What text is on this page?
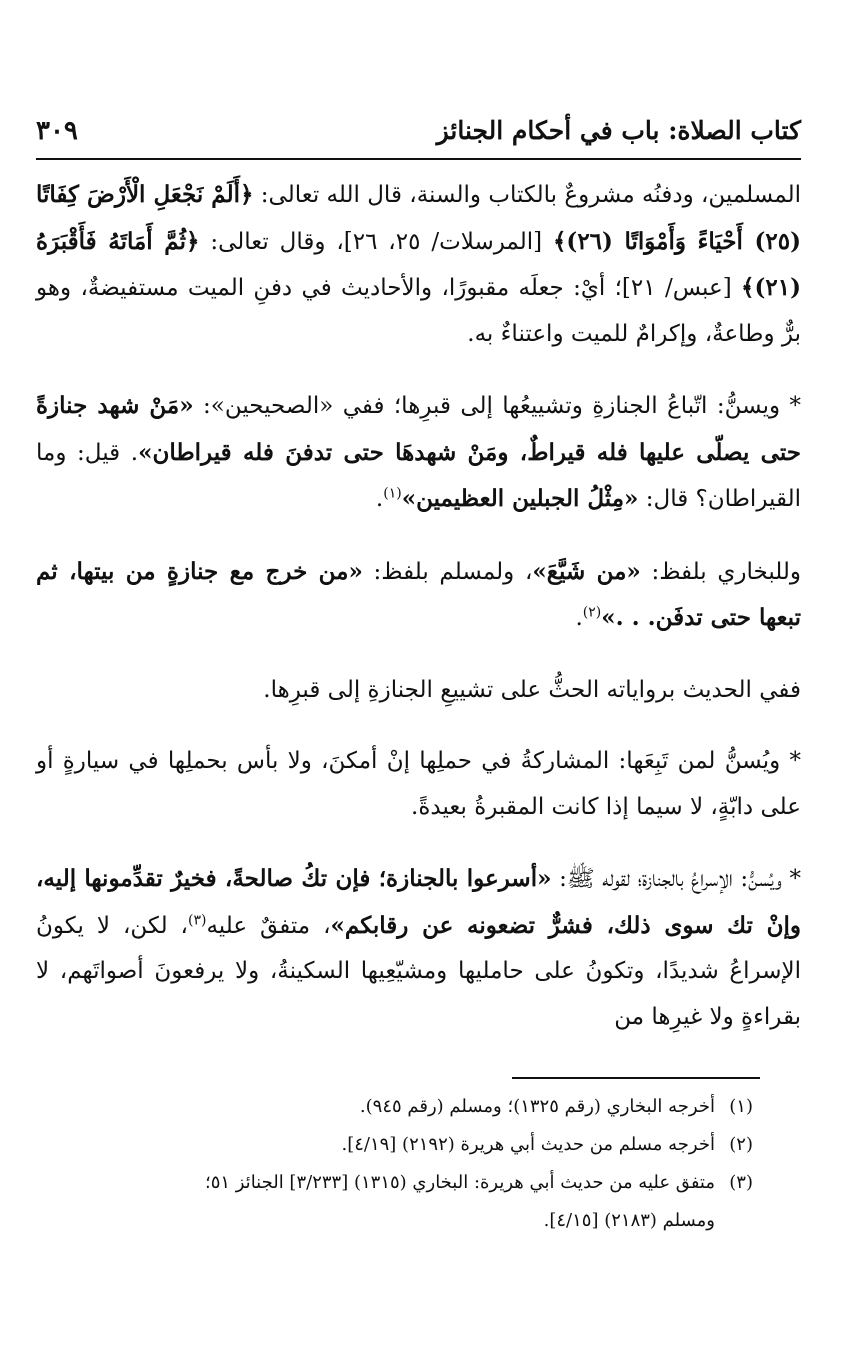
كتاب الصلاة: باب في أحكام الجنائز
٣٠٩

المسلمين، ودفنُه مشروعٌ بالكتاب والسنة، قال الله تعالى: ﴿أَلَمْ نَجْعَلِ الْأَرْضَ كِفَاتًا (٢٥) أَحْيَاءً وَأَمْوَاتًا (٢٦)﴾ [المرسلات/ ٢٥، ٢٦]، وقال تعالى: ﴿ثُمَّ أَمَاتَهُ فَأَقْبَرَهُ (٢١)﴾ [عبس/ ٢١]؛ أيْ: جعلَه مقبورًا، والأحاديث في دفنِ الميت مستفيضةٌ، وهو برٌّ وطاعةٌ، وإكرامٌ للميت واعتناءٌ به.

* ويسنُّ: اتّباعُ الجنازةِ وتشييعُها إلى قبرِها؛ ففي «الصحيحين»: «مَنْ شهد جنازةً حتى يصلّى عليها فله قيراطٌ، ومَنْ شهدهَا حتى تدفنَ فله قيراطان». قيل: وما القيراطان؟ قال: «مِثْلُ الجبلين العظيمين»$^{(١)}$.

وللبخاري بلفظ: «من شَيَّعَ»، ولمسلم بلفظ: «من خرج مع جنازةٍ من بيتها، ثم تبعها حتى تدفَن. . .»$^{(٢)}$.

ففي الحديث برواياته الحثُّ على تشييعِ الجنازةِ إلى قبرِها.

* ويُسنُّ لمن تَبِعَها: المشاركةُ في حملِها إنْ أمكنَ، ولا بأس بحملِها في سيارةٍ أو على دابّةٍ، لا سيما إذا كانت المقبرةُ بعيدةً.

* ويُسنُّ: الإسراعُ بالجنازة؛ لقوله ﷺ: «أسرعوا بالجنازة؛ فإن تكُ صالحةً، فخيرٌ تقدِّمونها إليه، وإنْ تك سوى ذلك، فشرٌّ تضعونه عن رقابكم»، متفقٌ عليه$^{(٣)}$، لكن، لا يكونُ الإسراعُ شديدًا، وتكونُ على حامليها ومشيّعِيها السكينةُ، ولا يرفعونَ أصواتَهم، لا بقراءةٍ ولا غيرِها من

(١)أخرجه البخاري (رقم ١٣٢٥)؛ ومسلم (رقم ٩٤٥).

(٢)أخرجه مسلم من حديث أبي هريرة (٢١٩٢) [٤/١٩].

(٣)متفق عليه من حديث أبي هريرة: البخاري (١٣١٥) [٣/٢٣٣] الجنائز ٥١؛

ومسلم (٢١٨٣) [٤/١٥].
